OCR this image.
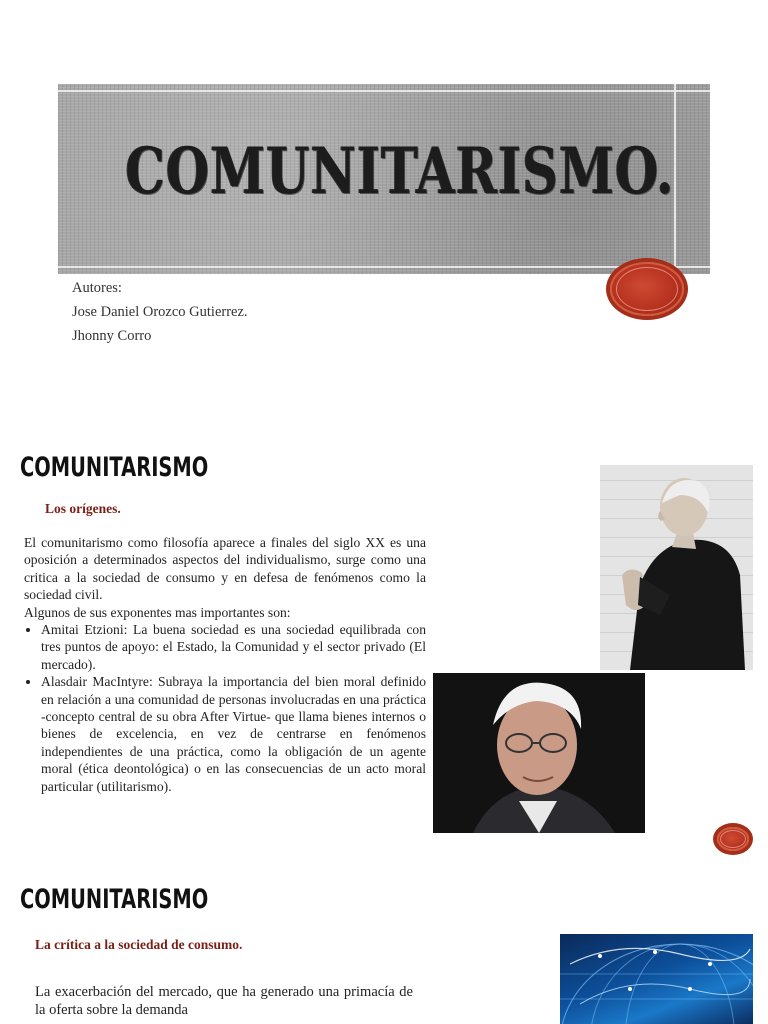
COMUNITARISMO.
Autores:
Jose Daniel Orozco Gutierrez.
Jhonny Corro
COMUNITARISMO
Los orígenes.

El comunitarismo como filosofía aparece a finales del siglo XX es una oposición a determinados aspectos del individualismo, surge como una critica a la sociedad de consumo y en defesa de fenómenos como la sociedad civil.

Algunos de sus exponentes mas importantes son:

• Amitai Etzioni: La buena sociedad es una sociedad equilibrada con tres puntos de apoyo: el Estado, la Comunidad y el sector privado (El mercado).
• Alasdair MacIntyre: Subraya la importancia del bien moral definido en relación a una comunidad de personas involucradas en una práctica -concepto central de su obra After Virtue- que llama bienes internos o bienes de excelencia, en vez de centrarse en fenómenos independientes de una práctica, como la obligación de un agente moral (ética deontológica) o en las consecuencias de un acto moral particular (utilitarismo).
COMUNITARISMO
La crítica a la sociedad de consumo.
La exacerbación del mercado, que ha generado una primacía de la oferta sobre la demanda
